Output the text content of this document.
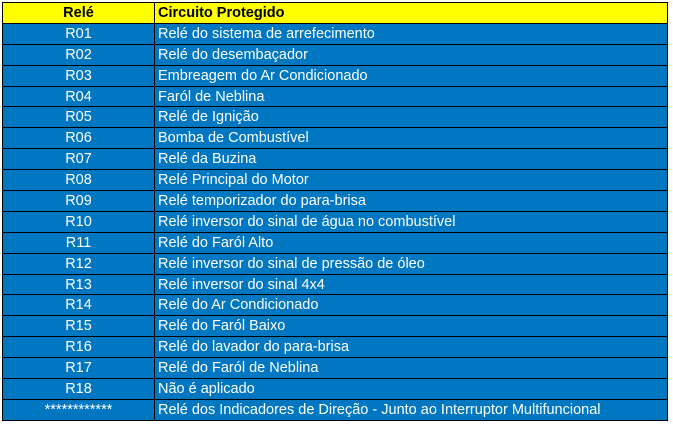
Relé	Circuito Protegido
R01	Relé do sistema de arrefecimento
R02	Relé do desembaçador
R03	Embreagem do Ar Condicionado
R04	Faról de Neblina
R05	Relé de Ignição
R06	Bomba de Combustível
R07	Relé da Buzina
R08	Relé Principal do Motor
R09	Relé temporizador do para-brisa
R10	Relé inversor do sinal de água no combustível
R11	Relé do Faról Alto
R12	Relé inversor do sinal de pressão de óleo
R13	Relé inversor do sinal 4x4
R14	Relé do Ar Condicionado
R15	Relé do Faról Baixo
R16	Relé do lavador do para-brisa
R17	Relé do Faról de Neblina
R18	Não é aplicado
************	Relé dos Indicadores de Direção - Junto ao Interruptor Multifuncional
